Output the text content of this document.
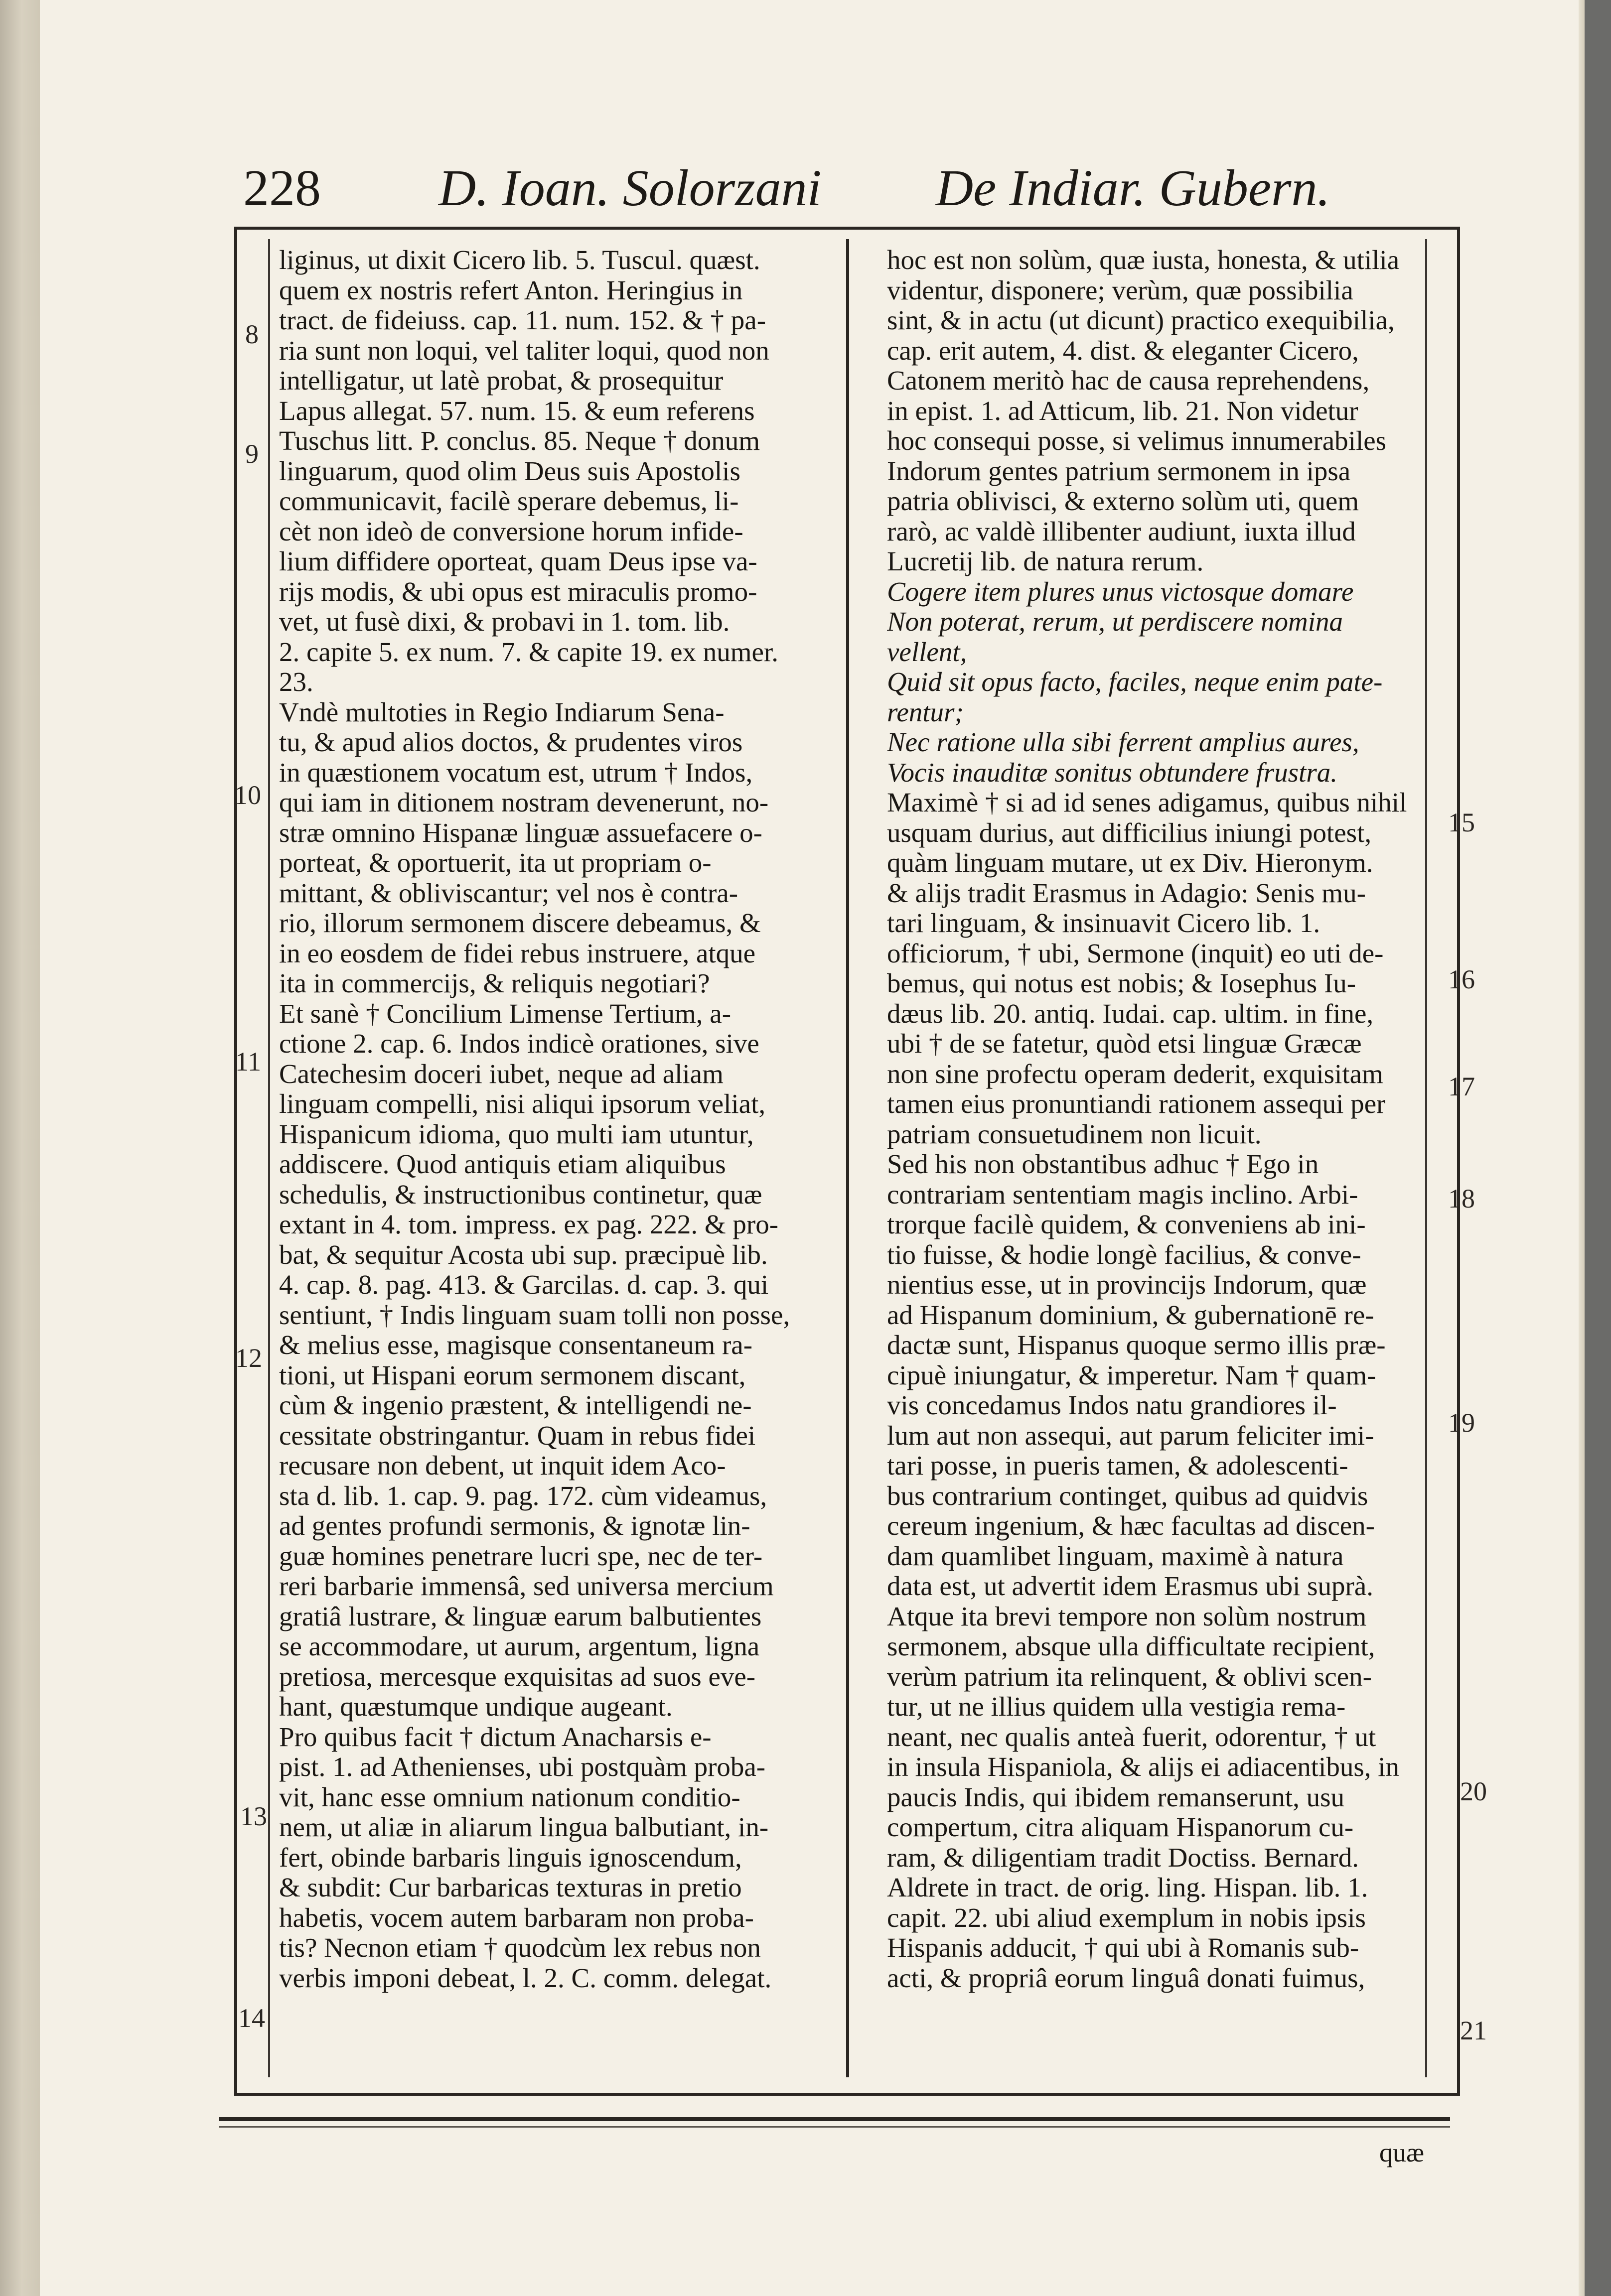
228 D. Ioan. Solorzani De Indiar. Gubern.
liginus, ut dixit Cicero lib. 5. Tuscul. quæst.
quem ex nostris refert Anton. Heringius in
tract. de fideiuss. cap. 11. num. 152. & † pa-
ria sunt non loqui, vel taliter loqui, quod non
intelligatur, ut latè probat, & prosequitur
Lapus allegat. 57. num. 15. & eum referens
Tuschus litt. P. conclus. 85. Neque † donum
linguarum, quod olim Deus suis Apostolis
communicavit, facilè sperare debemus, li-
cèt non ideò de conversione horum infide-
lium diffidere oporteat, quam Deus ipse va-
rijs modis, & ubi opus est miraculis promo-
vet, ut fusè dixi, & probavi in 1. tom. lib.
2. capite 5. ex num. 7. & capite 19. ex numer.
23.
Vndè multoties in Regio Indiarum Sena-
tu, & apud alios doctos, & prudentes viros
in quæstionem vocatum est, utrum † Indos,
qui iam in ditionem nostram devenerunt, no-
stræ omnino Hispanæ linguæ assuefacere o-
porteat, & oportuerit, ita ut propriam o-
mittant, & obliviscantur; vel nos è contra-
rio, illorum sermonem discere debeamus, &
in eo eosdem de fidei rebus instruere, atque
ita in commercijs, & reliquis negotiari?
Et sanè † Concilium Limense Tertium, a-
ctione 2. cap. 6. Indos indicè orationes, sive
Catechesim doceri iubet, neque ad aliam
linguam compelli, nisi aliqui ipsorum veliat,
Hispanicum idioma, quo multi iam utuntur,
addiscere. Quod antiquis etiam aliquibus
schedulis, & instructionibus continetur, quæ
extant in 4. tom. impress. ex pag. 222. & pro-
bat, & sequitur Acosta ubi sup. præcipuè lib.
4. cap. 8. pag. 413. & Garcilas. d. cap. 3. qui
sentiunt, † Indis linguam suam tolli non posse,
& melius esse, magisque consentaneum ra-
tioni, ut Hispani eorum sermonem discant,
cùm & ingenio præstent, & intelligendi ne-
cessitate obstringantur. Quam in rebus fidei
recusare non debent, ut inquit idem Aco-
sta d. lib. 1. cap. 9. pag. 172. cùm videamus,
ad gentes profundi sermonis, & ignotæ lin-
guæ homines penetrare lucri spe, nec de ter-
reri barbarie immensâ, sed universa mercium
gratiâ lustrare, & linguæ earum balbutientes
se accommodare, ut aurum, argentum, ligna
pretiosa, mercesque exquisitas ad suos eve-
hant, quæstumque undique augeant.
Pro quibus facit † dictum Anacharsis e-
pist. 1. ad Athenienses, ubi postquàm proba-
vit, hanc esse omnium nationum conditio-
nem, ut aliæ in aliarum lingua balbutiant, in-
fert, obinde barbaris linguis ignoscendum,
& subdit: Cur barbaricas texturas in pretio
habetis, vocem autem barbaram non proba-
tis? Necnon etiam † quodcùm lex rebus non
verbis imponi debeat, l. 2. C. comm. delegat.
hoc est non solùm, quæ iusta, honesta, & utilia
videntur, disponere; verùm, quæ possibilia
sint, & in actu (ut dicunt) practico exequibilia,
cap. erit autem, 4. dist. & eleganter Cicero,
Catonem meritò hac de causa reprehendens,
in epist. 1. ad Atticum, lib. 21. Non videtur
hoc consequi posse, si velimus innumerabiles
Indorum gentes patrium sermonem in ipsa
patria oblivisci, & externo solùm uti, quem
rarò, ac valdè illibenter audiunt, iuxta illud
Lucretij lib. de natura rerum.
Cogere item plures unus victosque domare
Non poterat, rerum, ut perdiscere nomina
vellent,
Quid sit opus facto, faciles, neque enim pate-
rentur;
Nec ratione ulla sibi ferrent amplius aures,
Vocis inauditæ sonitus obtundere frustra.
Maximè † si ad id senes adigamus, quibus nihil
usquam durius, aut difficilius iniungi potest,
quàm linguam mutare, ut ex Div. Hieronym.
& alijs tradit Erasmus in Adagio: Senis mu-
tari linguam, & insinuavit Cicero lib. 1.
officiorum, † ubi, Sermone (inquit) eo uti de-
bemus, qui notus est nobis; & Iosephus Iu-
dæus lib. 20. antiq. Iudai. cap. ultim. in fine,
ubi † de se fatetur, quòd etsi linguæ Græcæ
non sine profectu operam dederit, exquisitam
tamen eius pronuntiandi rationem assequi per
patriam consuetudinem non licuit.
Sed his non obstantibus adhuc † Ego in
contrariam sententiam magis inclino. Arbi-
trorque facilè quidem, & conveniens ab ini-
tio fuisse, & hodie longè facilius, & conve-
nientius esse, ut in provincijs Indorum, quæ
ad Hispanum dominium, & gubernationē re-
dactæ sunt, Hispanus quoque sermo illis præ-
cipuè iniungatur, & imperetur. Nam † quam-
vis concedamus Indos natu grandiores il-
lum aut non assequi, aut parum feliciter imi-
tari posse, in pueris tamen, & adolescenti-
bus contrarium continget, quibus ad quidvis
cereum ingenium, & hæc facultas ad discen-
dam quamlibet linguam, maximè à natura
data est, ut advertit idem Erasmus ubi suprà.
Atque ita brevi tempore non solùm nostrum
sermonem, absque ulla difficultate recipient,
verùm patrium ita relinquent, & oblivi scen-
tur, ut ne illius quidem ulla vestigia rema-
neant, nec qualis anteà fuerit, odorentur, † ut
in insula Hispaniola, & alijs ei adiacentibus, in
paucis Indis, qui ibidem remanserunt, usu
compertum, citra aliquam Hispanorum cu-
ram, & diligentiam tradit Doctiss. Bernard.
Aldrete in tract. de orig. ling. Hispan. lib. 1.
capit. 22. ubi aliud exemplum in nobis ipsis
Hispanis adducit, † qui ubi à Romanis sub-
acti, & propriâ eorum linguâ donati fuimus,
8
9
10
11
12
13
14
15
16
17
18
19
20
21
quæ
